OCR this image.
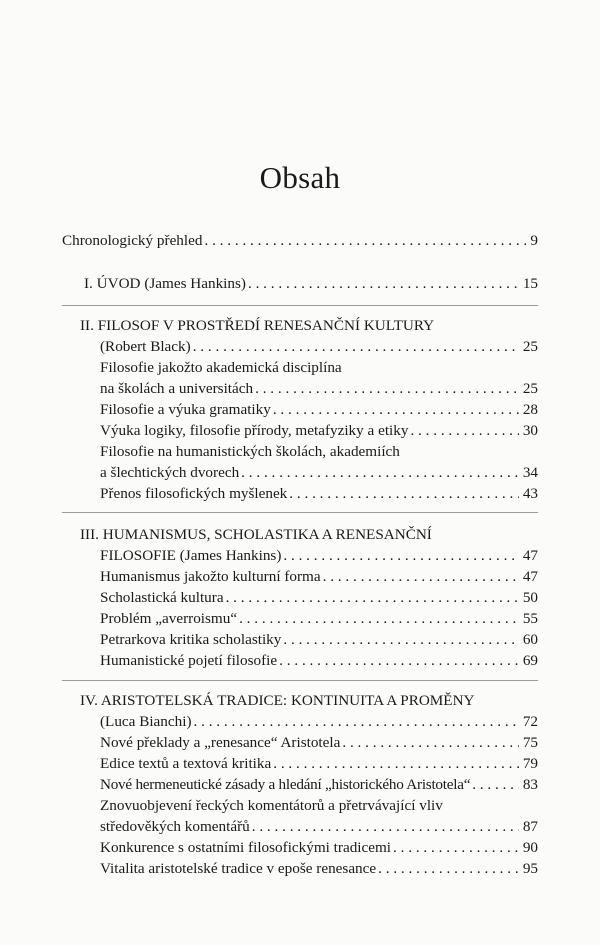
Obsah
Chronologický přehled . . .	9
I. ÚVOD (James Hankins) . . .	15
II. FILOSOF V PROSTŘEDÍ RENESANČNÍ KULTURY
(Robert Black) . . .	25
Filosofie jakožto akademická disciplína
na školách a universitách . . .	25
Filosofie a výuka gramatiky . . .	28
Výuka logiky, filosofie přírody, metafyziky a etiky . . .	30
Filosofie na humanistických školách, akademiích
a šlechtických dvorech . . .	34
Přenos filosofických myšlenek . . .	43
III. HUMANISMUS, SCHOLASTIKA A RENESANČNÍ
FILOSOFIE (James Hankins) . . .	47
Humanismus jakožto kulturní forma . . .	47
Scholastická kultura . . .	50
Problém „averroismu“ . . .	55
Petrarkova kritika scholastiky . . .	60
Humanistické pojetí filosofie . . .	69
IV. ARISTOTELSKÁ TRADICE: KONTINUITA A PROMĚNY
(Luca Bianchi) . . .	72
Nové překlady a „renesance“ Aristotela . . .	75
Edice textů a textová kritika . . .	79
Nové hermeneutické zásady a hledání „historického Aristotela“ . . .	83
Znovuobjevení řeckých komentátorů a přetrvávající vliv
středověkých komentářů . . .	87
Konkurence s ostatními filosofickými tradicemi . . .	90
Vitalita aristotelské tradice v epoše renesance . . .	95
